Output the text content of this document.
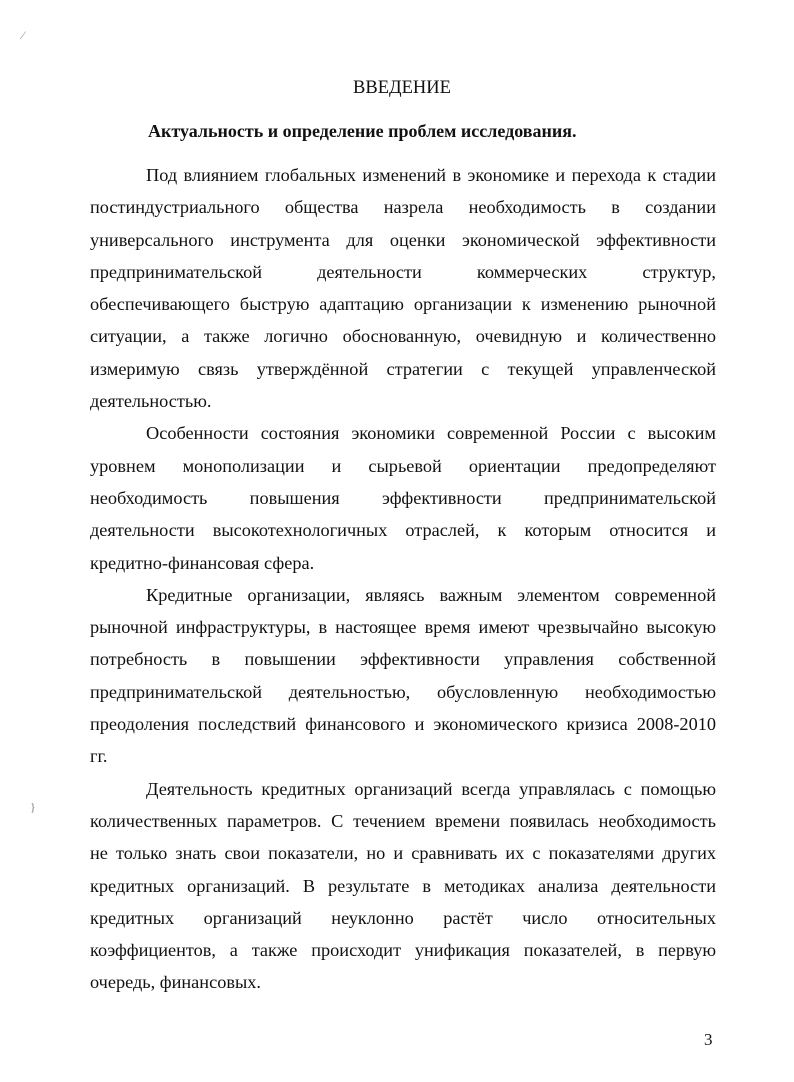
ВВЕДЕНИЕ
Актуальность и определение проблем исследования.
Под влиянием глобальных изменений в экономике и перехода к стадии
постиндустриального общества назрела необходимость в создании
универсального инструмента для оценки экономической эффективности
предпринимательской деятельности коммерческих структур,
обеспечивающего быструю адаптацию организации к изменению рыночной
ситуации, а также логично обоснованную, очевидную и количественно
измеримую связь утверждённой стратегии с текущей управленческой
деятельностью.
Особенности состояния экономики современной России с высоким
уровнем монополизации и сырьевой ориентации предопределяют
необходимость повышения эффективности предпринимательской
деятельности высокотехнологичных отраслей, к которым относится и
кредитно-финансовая сфера.
Кредитные организации, являясь важным элементом современной
рыночной инфраструктуры, в настоящее время имеют чрезвычайно высокую
потребность в повышении эффективности управления собственной
предпринимательской деятельностью, обусловленную необходимостью
преодоления последствий финансового и экономического кризиса 2008-2010
гг.
Деятельность кредитных организаций всегда управлялась с помощью
количественных параметров. С течением времени появилась необходимость
не только знать свои показатели, но и сравнивать их с показателями других
кредитных организаций. В результате в методиках анализа деятельности
кредитных организаций неуклонно растёт число относительных
коэффициентов, а также происходит унификация показателей, в первую
очередь, финансовых.
3
⁄
}
